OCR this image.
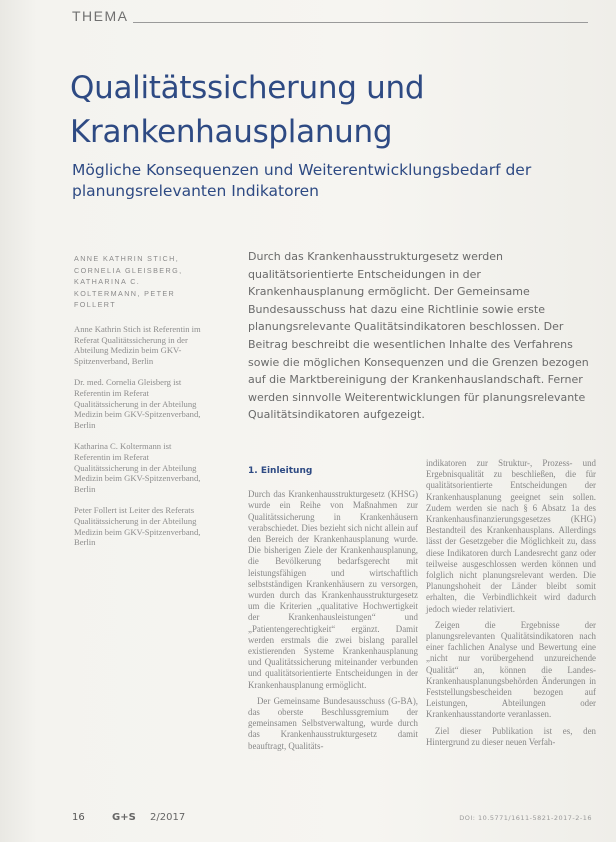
THEMA
Qualitätssicherung und Krankenhausplanung
Mögliche Konsequenzen und Weiterentwicklungsbedarf der planungsrelevanten Indikatoren
ANNE KATHRIN STICH, CORNELIA GLEISBERG, KATHARINA C. KOLTERMANN, PETER FOLLERT

Anne Kathrin Stich ist Referentin im Referat Qualitätssicherung in der Abteilung Medizin beim GKV-Spitzenverband, Berlin

Dr. med. Cornelia Gleisberg ist Referentin im Referat Qualitätssicherung in der Abteilung Medizin beim GKV-Spitzenverband, Berlin

Katharina C. Koltermann ist Referentin im Referat Qualitätssicherung in der Abteilung Medizin beim GKV-Spitzenverband, Berlin

Peter Follert ist Leiter des Referats Qualitätssicherung in der Abteilung Medizin beim GKV-Spitzenverband, Berlin

Durch das Krankenhausstrukturgesetz werden qualitätsorientierte Entscheidungen in der Krankenhausplanung ermöglicht. Der Gemeinsame Bundesausschuss hat dazu eine Richtlinie sowie erste planungsrelevante Qualitätsindikatoren beschlossen. Der Beitrag beschreibt die wesentlichen Inhalte des Verfahrens sowie die möglichen Konsequenzen und die Grenzen bezogen auf die Marktbereinigung der Krankenhauslandschaft. Ferner werden sinnvolle Weiterentwicklungen für planungsrelevante Qualitätsindikatoren aufgezeigt.

1. Einleitung

Durch das Krankenhausstrukturgesetz (KHSG) wurde ein Reihe von Maßnahmen zur Qualitätssicherung in Krankenhäusern verabschiedet. Dies bezieht sich nicht allein auf den Bereich der Krankenhausplanung wurde. Die bisherigen Ziele der Krankenhausplanung, die Bevölkerung bedarfsgerecht mit leistungsfähigen und wirtschaftlich selbstständigen Krankenhäusern zu versorgen, wurden durch das Krankenhausstrukturgesetz um die Kriterien „qualitative Hochwertigkeit der Krankenhausleistungen“ und „Patientengerechtigkeit“ ergänzt. Damit werden erstmals die zwei bislang parallel existierenden Systeme Krankenhausplanung und Qualitätssicherung miteinander verbunden und qualitätsorientierte Entscheidungen in der Krankenhausplanung ermöglicht.

Der Gemeinsame Bundesausschuss (G-BA), das oberste Beschlussgremium der gemeinsamen Selbstverwaltung, wurde durch das Krankenhausstrukturgesetz damit beauftragt, Qualitäts-

indikatoren zur Struktur-, Prozess- und Ergebnisqualität zu beschließen, die für qualitätsorientierte Entscheidungen der Krankenhausplanung geeignet sein sollen. Zudem werden sie nach § 6 Absatz 1a des Krankenhausfinanzierungsgesetzes (KHG) Bestandteil des Krankenhausplans. Allerdings lässt der Gesetzgeber die Möglichkeit zu, dass diese Indikatoren durch Landesrecht ganz oder teilweise ausgeschlossen werden können und folglich nicht planungsrelevant werden. Die Planungshoheit der Länder bleibt somit erhalten, die Verbindlichkeit wird dadurch jedoch wieder relativiert.

Zeigen die Ergebnisse der planungsrelevanten Qualitätsindikatoren nach einer fachlichen Analyse und Bewertung eine „nicht nur vorübergehend unzureichende Qualität“ an, können die Landes-Krankenhausplanungsbehörden Änderungen in Feststellungsbescheiden bezogen auf Leistungen, Abteilungen oder Krankenhausstandorte veranlassen.

Ziel dieser Publikation ist es, den Hintergrund zu dieser neuen Verfah-

16	G+S 2/2017	DOI: 10.5771/1611-5821-2017-2-16
